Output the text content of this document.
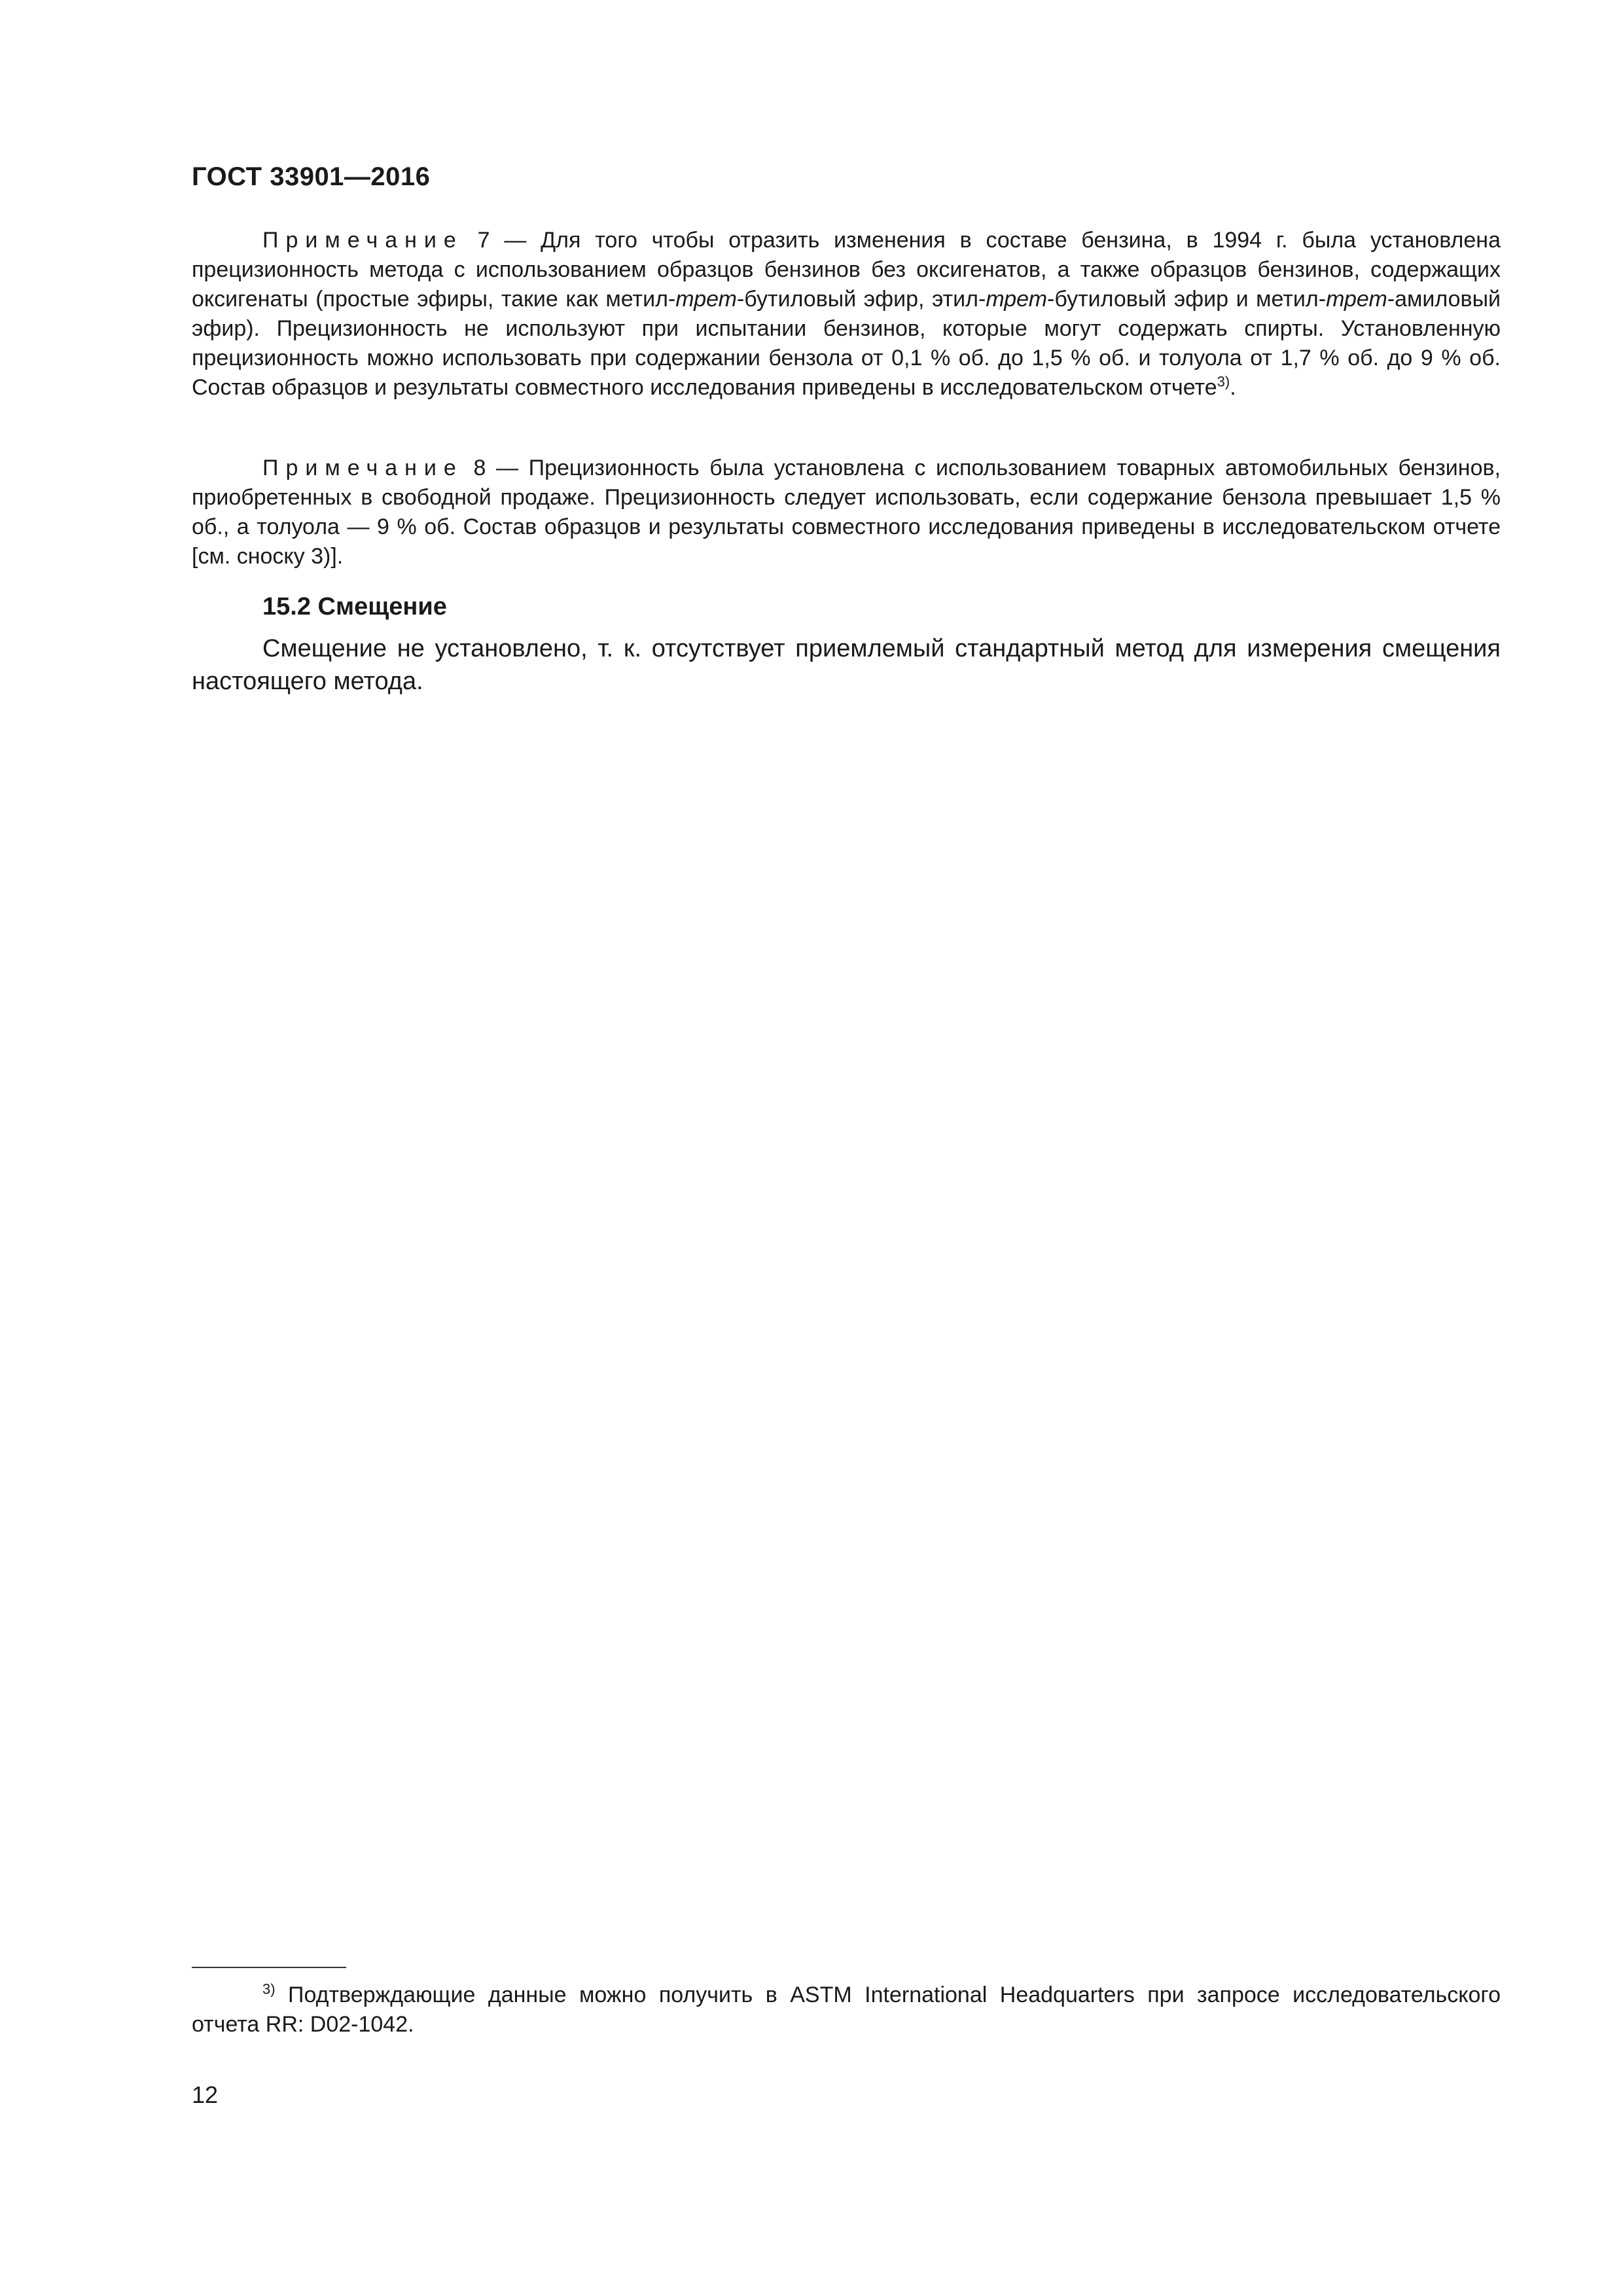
ГОСТ 33901—2016

Примечание 7 — Для того чтобы отразить изменения в составе бензина, в 1994 г. была установлена прецизионность метода с использованием образцов бензинов без оксигенатов, а также образцов бензинов, содержащих оксигенаты (простые эфиры, такие как метил-трет-бутиловый эфир, этил-трет-бутиловый эфир и метил-трет-амиловый эфир). Прецизионность не используют при испытании бензинов, которые могут содержать спирты. Установленную прецизионность можно использовать при содержании бензола от 0,1 % об. до 1,5 % об. и толуола от 1,7 % об. до 9 % об. Состав образцов и результаты совместного исследования приведены в исследовательском отчете$^{3)}$.

Примечание 8 — Прецизионность была установлена с использованием товарных автомобильных бензинов, приобретенных в свободной продаже. Прецизионность следует использовать, если содержание бензола превышает 1,5 % об., а толуола — 9 % об. Состав образцов и результаты совместного исследования приведены в исследовательском отчете [см. сноску 3)].

15.2 Смещение

Смещение не установлено, т. к. отсутствует приемлемый стандартный метод для измерения смещения настоящего метода.

$^{3)}$ Подтверждающие данные можно получить в ASTM International Headquarters при запросе исследовательского отчета RR: D02-1042.

12
